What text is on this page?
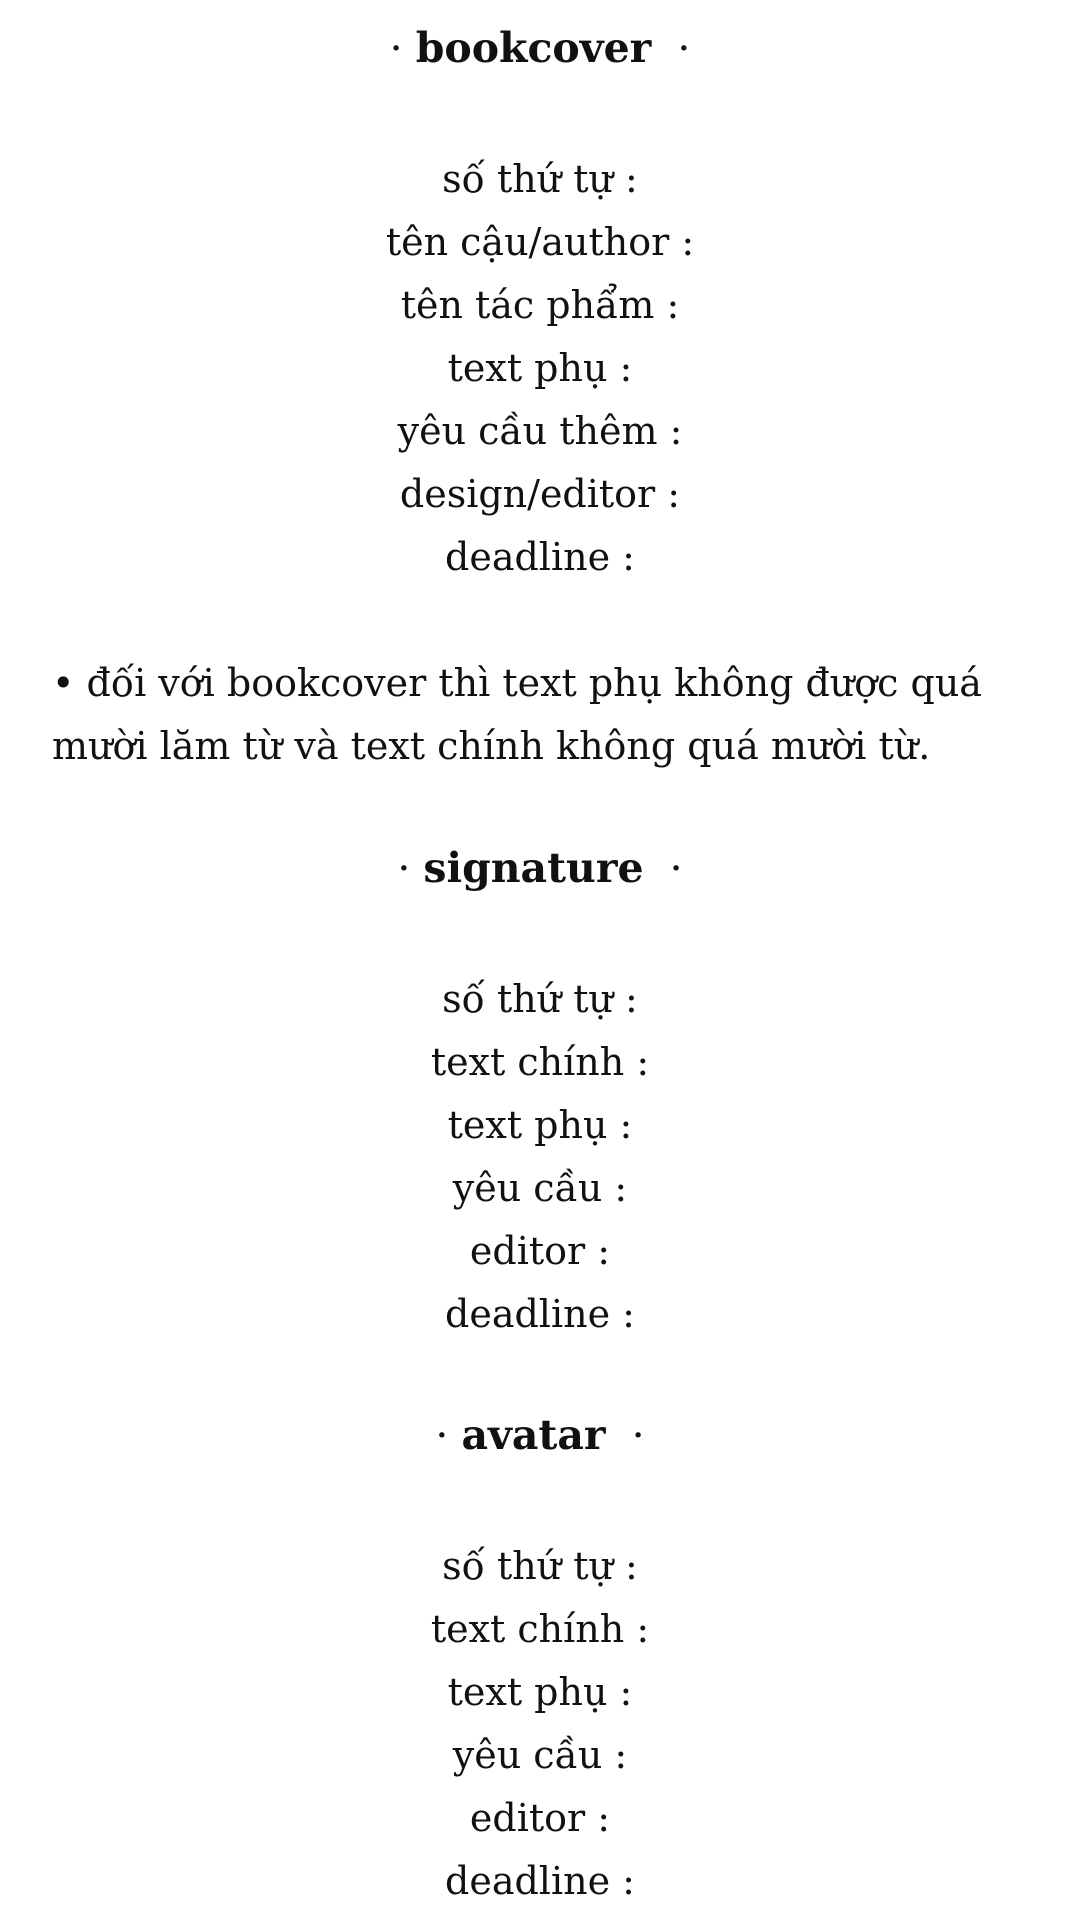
· bookcover  ·

số thứ tự :

tên cậu/author :

tên tác phẩm :

text phụ :

yêu cầu thêm :

design/editor :

deadline :

• đối với bookcover thì text phụ không được quá mười lăm từ và text chính không quá mười từ.

· signature  ·

số thứ tự :

text chính :

text phụ :

yêu cầu :

editor :

deadline :

· avatar  ·

số thứ tự :

text chính :

text phụ :

yêu cầu :

editor :

deadline :
